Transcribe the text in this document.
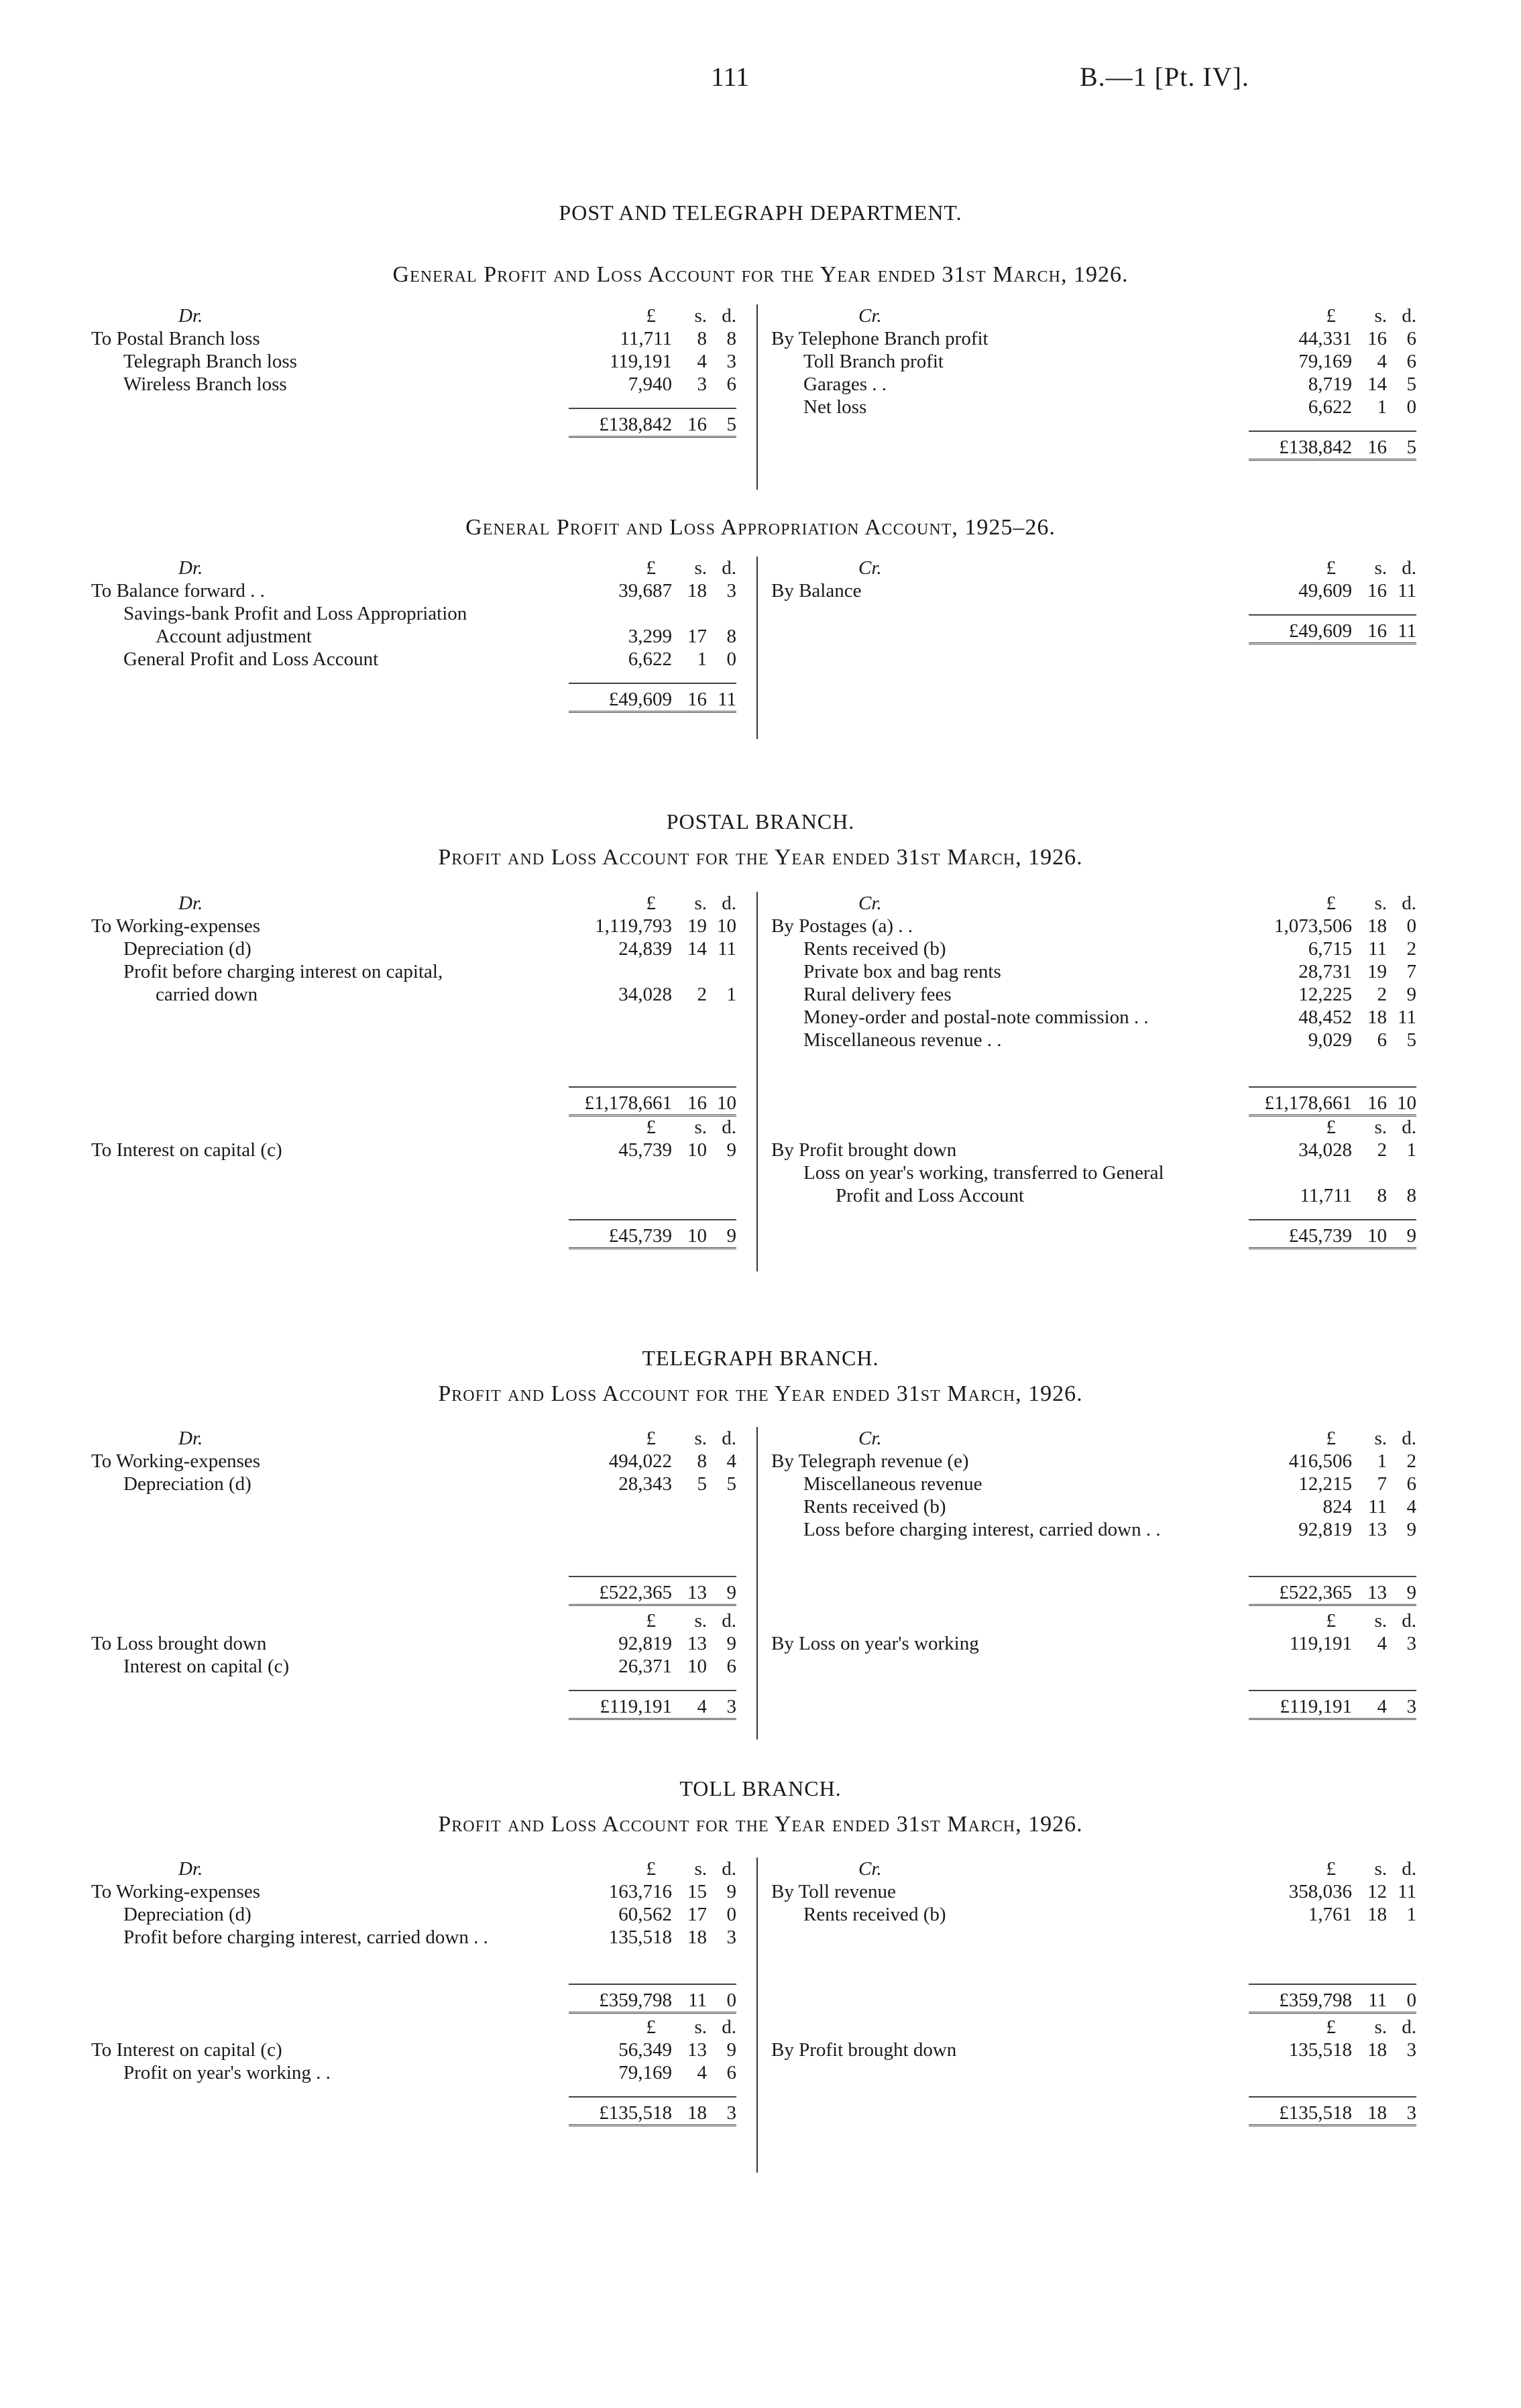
111	B.—1 [Pt. IV].
POST AND TELEGRAPH DEPARTMENT.
General Profit and Loss Account for the Year ended 31st March, 1926.
Dr.	£	s. d.
To Postal Branch loss	11,711	8	8
Telegraph Branch loss	119,191	4	3
Wireless Branch loss	7,940	3	6
£138,842 16	5
Cr.	£	s. d.
By Telephone Branch profit	44,331 16	6
Toll Branch profit	79,169	4	6
Garages . .	8,719 14	5
Net loss	6,622	1	0
£138,842 16	5
General Profit and Loss Appropriation Account, 1925–26.
Dr.	£	s. d.
To Balance forward . .	39,687 18	3
Savings-bank Profit and Loss Appropriation
Account adjustment	3,299 17	8
General Profit and Loss Account	6,622	1	0
£49,609 16 11
Cr.	£	s. d.
By Balance	49,609 16 11
£49,609 16 11
POSTAL BRANCH.
Profit and Loss Account for the Year ended 31st March, 1926.
Dr.	£	s. d.
To Working-expenses	1,119,793 19 10
Depreciation (d)	24,839 14 11
Profit before charging interest on capital,
carried down	34,028	2	1
£1,178,661 16 10
Cr.	£	s. d.
By Postages (a) . .	1,073,506 18	0
Rents received (b)	6,715 11	2
Private box and bag rents	28,731 19	7
Rural delivery fees	12,225	2	9
Money-order and postal-note commission . .	48,452 18 11
Miscellaneous revenue . .	9,029	6	5
£1,178,661 16 10
£	s. d.
To Interest on capital (c)	45,739 10	9
£45,739 10	9
£	s. d.
By Profit brought down	34,028	2	1
Loss on year's working, transferred to General
Profit and Loss Account	11,711	8	8
£45,739 10	9
TELEGRAPH BRANCH.
Profit and Loss Account for the Year ended 31st March, 1926.
Dr.	£	s. d.
To Working-expenses	494,022	8	4
Depreciation (d)	28,343	5	5
£522,365 13	9
Cr.	£	s. d.
By Telegraph revenue (e)	416,506	1	2
Miscellaneous revenue	12,215	7	6
Rents received (b)	824 11	4
Loss before charging interest, carried down . .	92,819 13	9
£522,365 13	9
£	s. d.
To Loss brought down	92,819 13	9
Interest on capital (c)	26,371 10	6
£119,191	4	3
£	s. d.
By Loss on year's working	119,191	4	3
£119,191	4	3
TOLL BRANCH.
Profit and Loss Account for the Year ended 31st March, 1926.
Dr.	£	s. d.
To Working-expenses	163,716 15	9
Depreciation (d)	60,562 17	0
Profit before charging interest, carried down . .	135,518 18	3
£359,798 11	0
Cr.	£	s. d.
By Toll revenue	358,036 12 11
Rents received (b)	1,761 18	1
£359,798 11	0
£	s. d.
To Interest on capital (c)	56,349 13	9
Profit on year's working . .	79,169	4	6
£135,518 18	3
£	s. d.
By Profit brought down	135,518 18	3
£135,518 18	3
